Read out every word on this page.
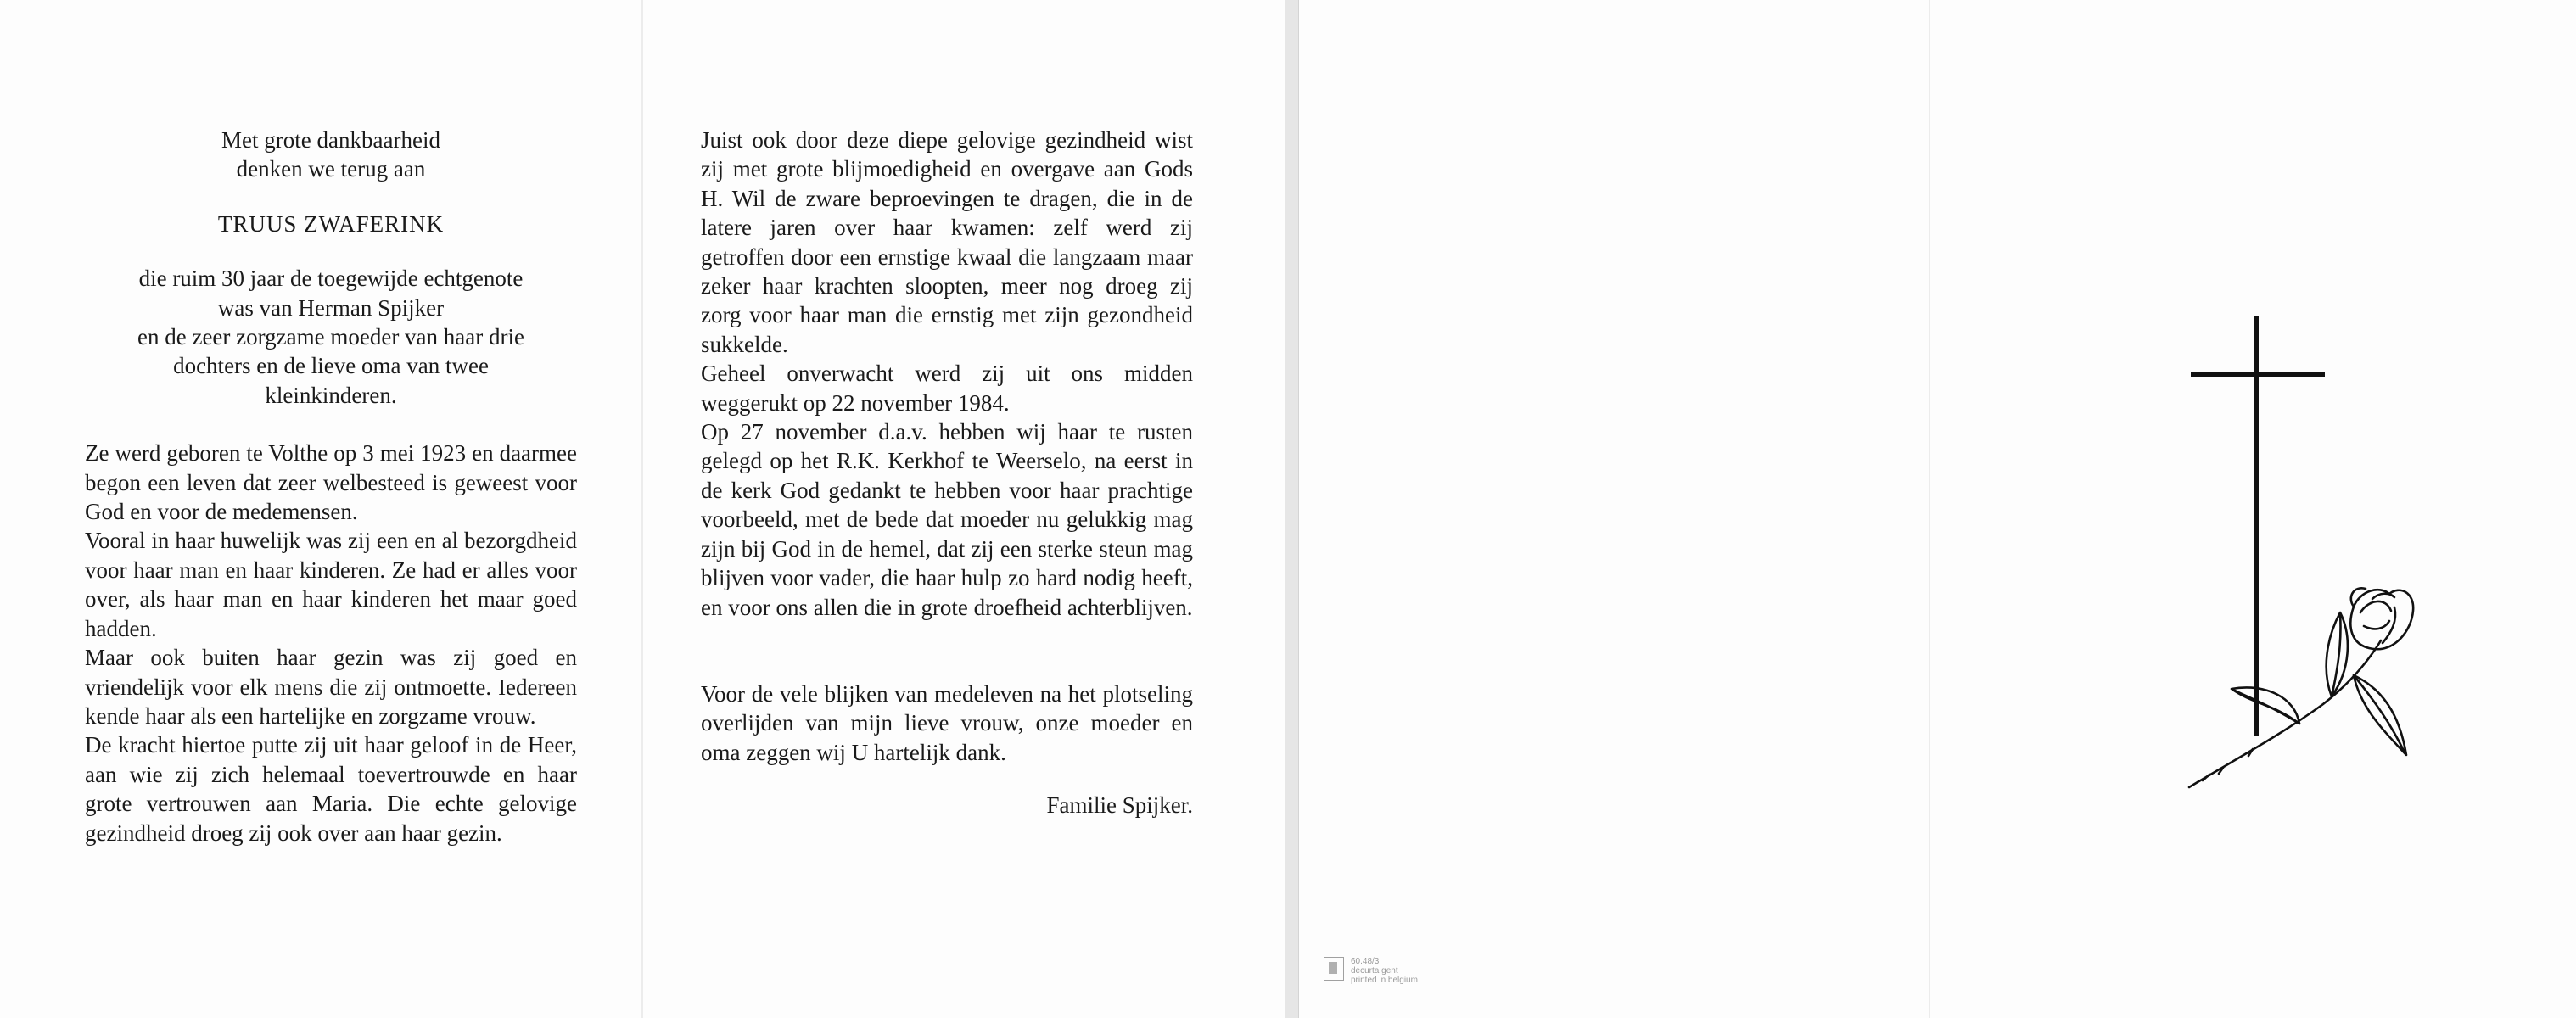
Met grote dankbaarheid
denken we terug aan
TRUUS ZWAFERINK
die ruim 30 jaar de toegewijde echtgenote
was van Herman Spijker
en de zeer zorgzame moeder van haar drie
dochters en de lieve oma van twee
kleinkinderen.
Ze werd geboren te Volthe op 3 mei 1923 en daarmee begon een leven dat zeer welbesteed is geweest voor God en voor de medemensen.
Vooral in haar huwelijk was zij een en al bezorgdheid voor haar man en haar kinderen. Ze had er alles voor over, als haar man en haar kinderen het maar goed hadden.
Maar ook buiten haar gezin was zij goed en vriendelijk voor elk mens die zij ontmoette. Iedereen kende haar als een hartelijke en zorgzame vrouw.
De kracht hiertoe putte zij uit haar geloof in de Heer, aan wie zij zich helemaal toevertrouwde en haar grote vertrouwen aan Maria. Die echte gelovige gezindheid droeg zij ook over aan haar gezin.
Juist ook door deze diepe gelovige gezindheid wist zij met grote blijmoedigheid en overgave aan Gods H. Wil de zware beproevingen te dragen, die in de latere jaren over haar kwamen: zelf werd zij getroffen door een ernstige kwaal die langzaam maar zeker haar krachten sloopten, meer nog droeg zij zorg voor haar man die ernstig met zijn gezondheid sukkelde.
Geheel onverwacht werd zij uit ons midden weggerukt op 22 november 1984.
Op 27 november d.a.v. hebben wij haar te rusten gelegd op het R.K. Kerkhof te Weerselo, na eerst in de kerk God gedankt te hebben voor haar prachtige voorbeeld, met de bede dat moeder nu gelukkig mag zijn bij God in de hemel, dat zij een sterke steun mag blijven voor vader, die haar hulp zo hard nodig heeft, en voor ons allen die in grote droefheid achterblijven.
Voor de vele blijken van medeleven na het plotseling overlijden van mijn lieve vrouw, onze moeder en oma zeggen wij U hartelijk dank.
Familie Spijker.
60.48/3
decurta gent
printed in belgium
